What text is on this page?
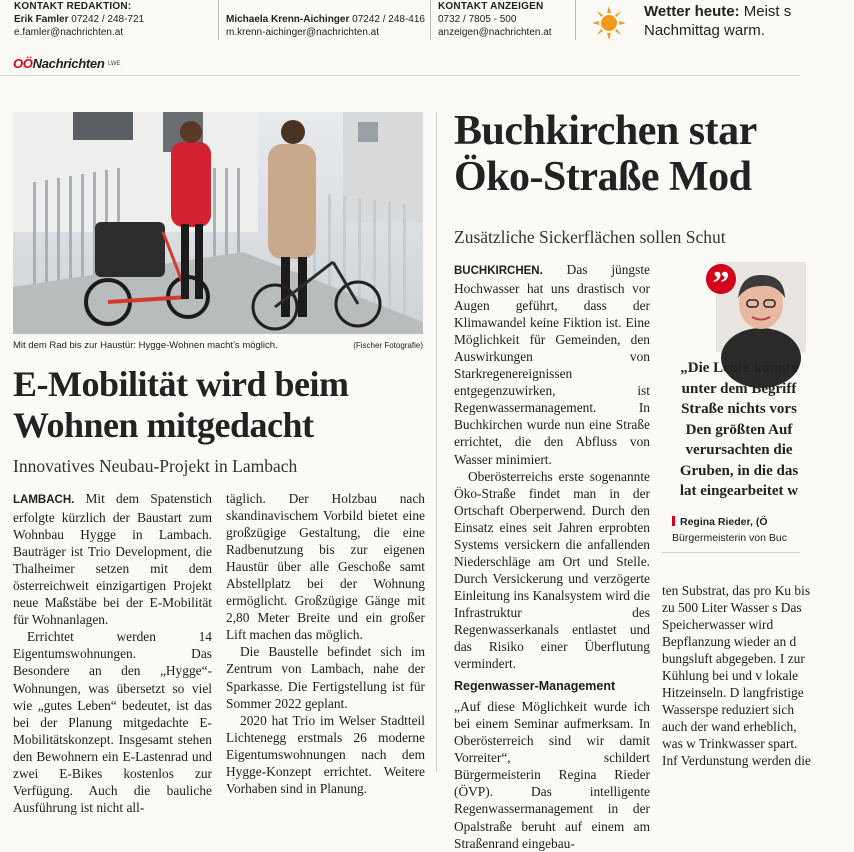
KONTAKT REDAKTION:
Erik Famler 07242 / 248-721
e.famler@nachrichten.at

Michaela Krenn-Aichinger 07242 / 248-416
m.krenn-aichinger@nachrichten.at
KONTAKT ANZEIGEN
0732 / 7805 - 500
anzeigen@nachrichten.at
Wetter heute: Meist s
Nachmittag warm.
OÖNachrichten LWE
Mit dem Rad bis zur Haustür: Hygge-Wohnen macht’s möglich.	(Fischer Fotografie)
E-Mobilität wird beim
Wohnen mitgedacht
Innovatives Neubau-Projekt in Lambach

LAMBACH. Mit dem Spatenstich erfolgte kürzlich der Baustart zum Wohnbau Hygge in Lambach. Bauträger ist Trio Development, die Thalheimer setzen mit dem österreichweit einzigartigen Projekt neue Maßstäbe bei der E-Mobilität für Wohnanlagen.

Errichtet werden 14 Eigentumswohnungen. Das Besondere an den „Hygge“-Wohnungen, was übersetzt so viel wie „gutes Leben“ bedeutet, ist das bei der Planung mitgedachte E-Mobilitätskonzept. Insgesamt stehen den Bewohnern ein E-Lastenrad und zwei E-Bikes kostenlos zur Verfügung. Auch die bauliche Ausführung ist nicht all-

täglich. Der Holzbau nach skandinavischem Vorbild bietet eine großzügige Gestaltung, die eine Radbenutzung bis zur eigenen Haustür über alle Geschoße samt Abstellplatz bei der Wohnung ermöglicht. Großzügige Gänge mit 2,80 Meter Breite und ein großer Lift machen das möglich.

Die Baustelle befindet sich im Zentrum von Lambach, nahe der Sparkasse. Die Fertigstellung ist für Sommer 2022 geplant.

2020 hat Trio im Welser Stadtteil Lichtenegg erstmals 26 moderne Eigentumswohnungen nach dem Hygge-Konzept errichtet. Weitere Vorhaben sind in Planung.

Buchkirchen star
Öko-Straße Mod
Zusätzliche Sickerflächen sollen Schut

BUCHKIRCHEN. Das jüngste Hochwasser hat uns drastisch vor Augen geführt, dass der Klimawandel keine Fiktion ist. Eine Möglichkeit für Gemeinden, den Auswirkungen von Starkregenereignissen entgegenzuwirken, ist Regenwassermanagement. In Buchkirchen wurde nun eine Straße errichtet, die den Abfluss von Wasser minimiert.

Oberösterreichs erste sogenannte Öko-Straße findet man in der Ortschaft Oberperwend. Durch den Einsatz eines seit Jahren erprobten Systems versickern die anfallenden Niederschläge am Ort und Stelle. Durch Versickerung und verzögerte Einleitung ins Kanalsystem wird die Infrastruktur des Regenwasserkanals entlastet und das Risiko einer Überflutung vermindert.

Regenwasser-Management

„Auf diese Möglichkeit wurde ich bei einem Seminar aufmerksam. In Oberösterreich sind wir damit Vorreiter“, schildert Bürgermeisterin Regina Rieder (ÖVP). Das intelligente Regenwassermanagement in der Opalstraße beruht auf einem am Straßenrand eingebau-

”
„Die Leute konnte
unter dem Begriff
Straße nichts vors
Den größten Auf
verursachten die
Gruben, in die das
lat eingearbeitet w
Regina Rieder, (Ö
Bürgermeisterin von Buc

ten Substrat, das pro Ku bis zu 500 Liter Wasser s Das Speicherwasser wird Bepflanzung wieder an d bungsluft abgegeben. I zur Kühlung bei und v lokale Hitzeinseln. D langfristige Wasserspe reduziert sich auch der wand erheblich, was w Trinkwasser spart. Inf Verdunstung werden die
